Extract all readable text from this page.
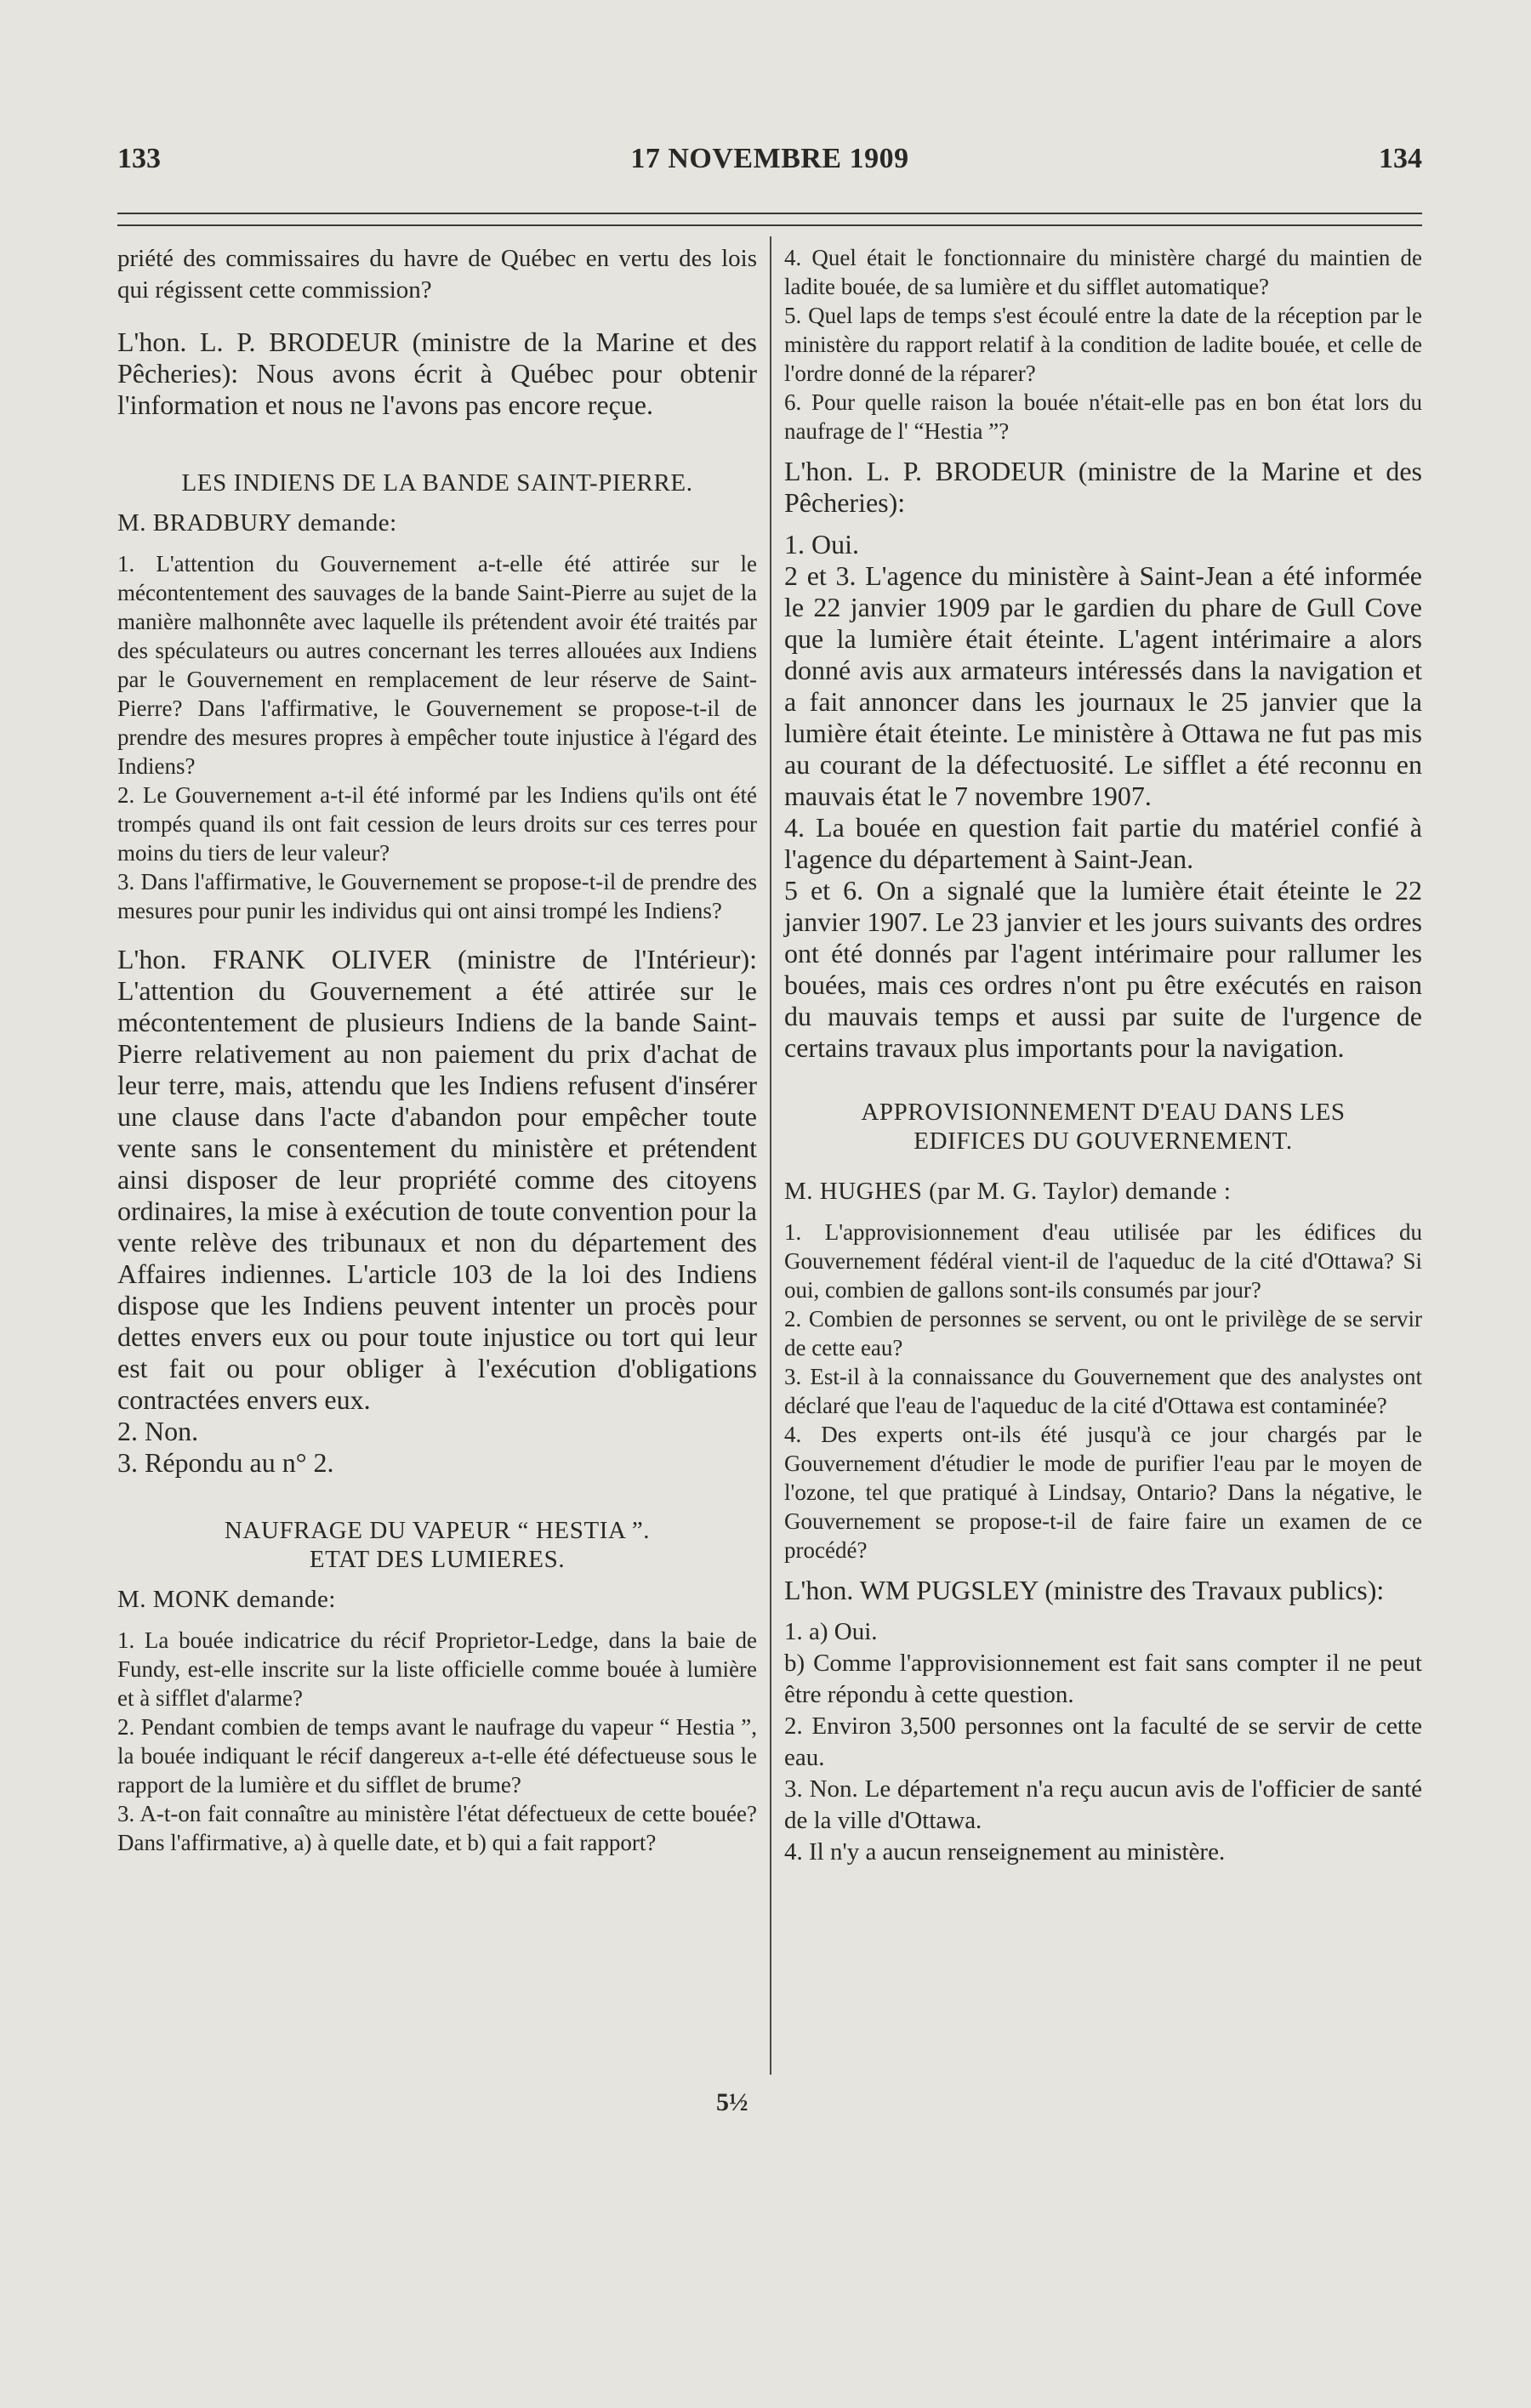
133	17 NOVEMBRE 1909	134

priété des commissaires du havre de Québec en vertu des lois qui régissent cette commission?

L'hon. L. P. BRODEUR (ministre de la Marine et des Pêcheries): Nous avons écrit à Québec pour obtenir l'information et nous ne l'avons pas encore reçue.

LES INDIENS DE LA BANDE SAINT-PIERRE.

M. BRADBURY demande:

1. L'attention du Gouvernement a-t-elle été attirée sur le mécontentement des sauvages de la bande Saint-Pierre au sujet de la manière malhonnête avec laquelle ils prétendent avoir été traités par des spéculateurs ou autres concernant les terres allouées aux Indiens par le Gouvernement en remplacement de leur réserve de Saint-Pierre? Dans l'affirmative, le Gouvernement se propose-t-il de prendre des mesures propres à empêcher toute injustice à l'égard des Indiens?

2. Le Gouvernement a-t-il été informé par les Indiens qu'ils ont été trompés quand ils ont fait cession de leurs droits sur ces terres pour moins du tiers de leur valeur?

3. Dans l'affirmative, le Gouvernement se propose-t-il de prendre des mesures pour punir les individus qui ont ainsi trompé les Indiens?

L'hon. FRANK OLIVER (ministre de l'Intérieur): L'attention du Gouvernement a été attirée sur le mécontentement de plusieurs Indiens de la bande Saint-Pierre relativement au non paiement du prix d'achat de leur terre, mais, attendu que les Indiens refusent d'insérer une clause dans l'acte d'abandon pour empêcher toute vente sans le consentement du ministère et prétendent ainsi disposer de leur propriété comme des citoyens ordinaires, la mise à exécution de toute convention pour la vente relève des tribunaux et non du département des Affaires indiennes. L'article 103 de la loi des Indiens dispose que les Indiens peuvent intenter un procès pour dettes envers eux ou pour toute injustice ou tort qui leur est fait ou pour obliger à l'exécution d'obligations contractées envers eux.

2. Non.

3. Répondu au n° 2.

NAUFRAGE DU VAPEUR “ HESTIA ”.
ETAT DES LUMIERES.

M. MONK demande:

1. La bouée indicatrice du récif Proprietor-Ledge, dans la baie de Fundy, est-elle inscrite sur la liste officielle comme bouée à lumière et à sifflet d'alarme?

2. Pendant combien de temps avant le naufrage du vapeur “ Hestia ”, la bouée indiquant le récif dangereux a-t-elle été défectueuse sous le rapport de la lumière et du sifflet de brume?

3. A-t-on fait connaître au ministère l'état défectueux de cette bouée? Dans l'affirmative, a) à quelle date, et b) qui a fait rapport?

4. Quel était le fonctionnaire du ministère chargé du maintien de ladite bouée, de sa lumière et du sifflet automatique?

5. Quel laps de temps s'est écoulé entre la date de la réception par le ministère du rapport relatif à la condition de ladite bouée, et celle de l'ordre donné de la réparer?

6. Pour quelle raison la bouée n'était-elle pas en bon état lors du naufrage de l' “Hestia ”?

L'hon. L. P. BRODEUR (ministre de la Marine et des Pêcheries):

1. Oui.

2 et 3. L'agence du ministère à Saint-Jean a été informée le 22 janvier 1909 par le gardien du phare de Gull Cove que la lumière était éteinte. L'agent intérimaire a alors donné avis aux armateurs intéressés dans la navigation et a fait annoncer dans les journaux le 25 janvier que la lumière était éteinte. Le ministère à Ottawa ne fut pas mis au courant de la défectuosité. Le sifflet a été reconnu en mauvais état le 7 novembre 1907.

4. La bouée en question fait partie du matériel confié à l'agence du département à Saint-Jean.

5 et 6. On a signalé que la lumière était éteinte le 22 janvier 1907. Le 23 janvier et les jours suivants des ordres ont été donnés par l'agent intérimaire pour rallumer les bouées, mais ces ordres n'ont pu être exécutés en raison du mauvais temps et aussi par suite de l'urgence de certains travaux plus importants pour la navigation.

APPROVISIONNEMENT D'EAU DANS LES
EDIFICES DU GOUVERNEMENT.

M. HUGHES (par M. G. Taylor) demande :

1. L'approvisionnement d'eau utilisée par les édifices du Gouvernement fédéral vient-il de l'aqueduc de la cité d'Ottawa? Si oui, combien de gallons sont-ils consumés par jour?

2. Combien de personnes se servent, ou ont le privilège de se servir de cette eau?

3. Est-il à la connaissance du Gouvernement que des analystes ont déclaré que l'eau de l'aqueduc de la cité d'Ottawa est contaminée?

4. Des experts ont-ils été jusqu'à ce jour chargés par le Gouvernement d'étudier le mode de purifier l'eau par le moyen de l'ozone, tel que pratiqué à Lindsay, Ontario? Dans la négative, le Gouvernement se propose-t-il de faire faire un examen de ce procédé?

L'hon. WM PUGSLEY (ministre des Travaux publics):

1. a) Oui.

b) Comme l'approvisionnement est fait sans compter il ne peut être répondu à cette question.

2. Environ 3,500 personnes ont la faculté de se servir de cette eau.

3. Non. Le département n'a reçu aucun avis de l'officier de santé de la ville d'Ottawa.

4. Il n'y a aucun renseignement au ministère.

5½
